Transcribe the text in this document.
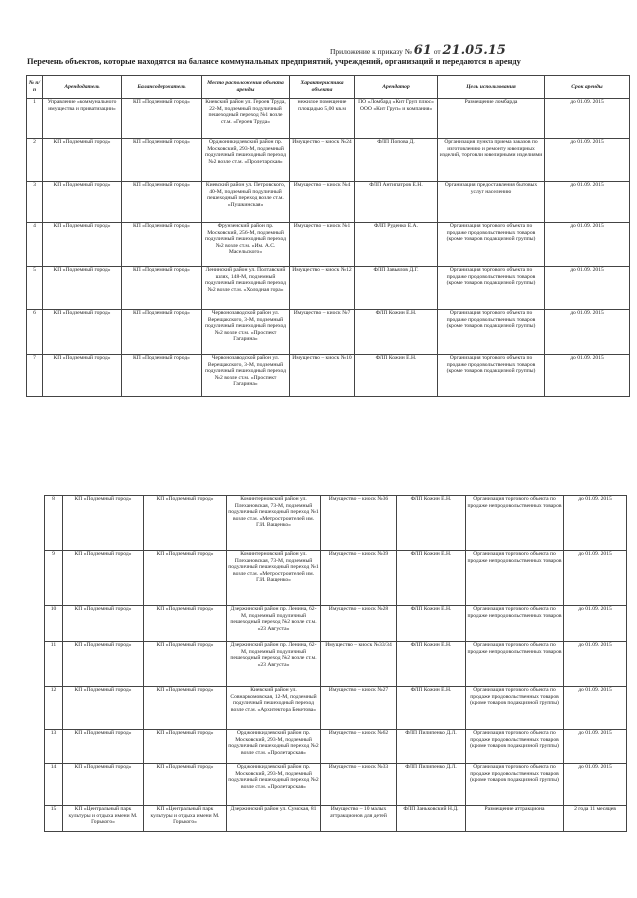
Приложение к приказу № 61 от 21.05.15
Перечень объектов, которые находятся на балансе коммунальных предприятий, учреждений, организаций и передаются в аренду
№ п/п	Арендодатель	Балансодержатель	Место расположения объекта аренды	Характеристика объекта	Арендатор	Цель использования	Срок аренды
1	Управление «коммунального имущества и приватизации»	КП «Подземный город»	Киевский район ул. Героев Труда, 22-М, подземный подуличный пешеходный переход №1 возле ст.м. «Героев Труда»	нежилое помещение площадью 5,00 кв.м	ПО «Ломбард «Кит Груп плюс» ООО «Кит Груп» и компания»	Размещение ломбарда	до 01.09. 2015
2	КП «Подземный город»	КП «Подземный город»	Орджоникидзевский район пр. Московский, 293-М, подземный подуличный пешеходный переход №2 возле ст.м. «Пролетарская»	Имущество – киоск №24	ФЛП Попова Д.	Организация пункта приема заказов по изготовлению и ремонту ювелирных изделий, торговли ювелирными изделиями	до 01.09. 2015
3	КП «Подземный город»	КП «Подземный город»	Киевский район ул. Петровского, 40-М, подземный подуличный пешеходный переход возле ст.м. «Пушкинская»	Имущество – киоск №4	ФЛП Антипатров Е.Н.	Организация предоставления бытовых услуг населению	до 01.09. 2015
4	КП «Подземный город»	КП «Подземный город»	Фрунзенский район пр. Московский, 256-М, подземный подуличный пешеходный переход №2 возле ст.м. «Им. А.С. Масельского»	Имущество – киоск №1	ФЛП Руденко Е.А.	Организация торгового объекта по продаже продовольственных товаров (кроме товаров подакцизной группы)	до 01.09. 2015
5	КП «Подземный город»	КП «Подземный город»	Ленинский район ул. Полтавский шлях, 148-М, подземный подуличный пешеходный переход №2 возле ст.м. «Холодная гора»	Имущество – киоск №12	ФЛП Завьялов Д.Г.	Организация торгового объекта по продаже продовольственных товаров (кроме товаров подакцизной группы)	до 01.09. 2015
6	КП «Подземный город»	КП «Подземный город»	Червонозаводской район ул. Верещакского, 3-М, подземный подуличный пешеходный переход №2 возле ст.м. «Проспект Гагарина»	Имущество – киоск №7	ФЛП Кожин Е.Н.	Организация торгового объекта по продаже продовольственных товаров (кроме товаров подакцизной группы)	до 01.09. 2015
7	КП «Подземный город»	КП «Подземный город»	Червонозаводской район ул. Верещакского, 3-М, подземный подуличный пешеходный переход №2 возле ст.м. «Проспект Гагарина»	Имущество – киоск №10	ФЛП Кожин Е.Н.	Организация торгового объекта по продаже продовольственных товаров (кроме товаров подакцизной группы)	до 01.09. 2015
8	КП «Подземный город»	КП «Подземный город»	Коминтерновский район ул. Плехановская, 73-М, подземный подуличный пешеходный переход №1 возле ст.м. «Метростроителей им. Г.И. Ващенко»	Имущество – киоск №36	ФЛП Кожин Е.Н.	Организация торгового объекта по продаже непродовольственных товаров	до 01.09. 2015
9	КП «Подземный город»	КП «Подземный город»	Коминтерновский район ул. Плехановская, 73-М, подземный подуличный пешеходный переход №1 возле ст.м. «Метростроителей им. Г.И. Ващенко»	Имущество – киоск №39	ФЛП Кожин Е.Н.	Организация торгового объекта по продаже непродовольственных товаров	до 01.09. 2015
10	КП «Подземный город»	КП «Подземный город»	Дзержинский район пр. Ленина, 62-М, подземный подуличный пешеходный переход №2 возле ст.м. «23 Августа»	Имущество – киоск №28	ФЛП Кожин Е.Н.	Организация торгового объекта по продаже непродовольственных товаров	до 01.09. 2015
11	КП «Подземный город»	КП «Подземный город»	Дзержинский район пр. Ленина, 62-М, подземный подуличный пешеходный переход №2 возле ст.м. «23 Августа»	Имущество – киоск №33/34	ФЛП Кожин Е.Н.	Организация торгового объекта по продаже непродовольственных товаров	до 01.09. 2015
12	КП «Подземный город»	КП «Подземный город»	Киевский район ул. Совнаркомовская, 12-М, подземный подуличный пешеходный переход возле ст.м. «Архитектора Бекетова»	Имущество – киоск №27	ФЛП Кожин Е.Н.	Организация торгового объекта по продаже продовольственных товаров (кроме товаров подакцизной группы)	до 01.09. 2015
13	КП «Подземный город»	КП «Подземный город»	Орджоникидзевский район пр. Московский, 293-М, подземный подуличный пешеходный переход №2 возле ст.м. «Пролетарская»	Имущество – киоск №62	ФЛП Пилипенко Д.Л.	Организация торгового объекта по продаже продовольственных товаров (кроме товаров подакцизной группы)	до 01.09. 2015
14	КП «Подземный город»	КП «Подземный город»	Орджоникидзевский район пр. Московский, 293-М, подземный подуличный пешеходный переход №2 возле ст.м. «Пролетарская»	Имущество – киоск №33	ФЛП Пилипенко Д.Л.	Организация торгового объекта по продаже продовольственных товаров (кроме товаров подакцизной группы)	до 01.09. 2015
15	КП «Центральный парк культуры и отдыха имени М. Горького»	КП «Центральный парк культуры и отдыха имени М. Горького»	Дзержинский район ул. Сумская, 81	Имущество – 10 малых аттракционов для детей	ФЛП Заньковский Н.Д.	Размещение аттракциона	2 года 11 месяцев
